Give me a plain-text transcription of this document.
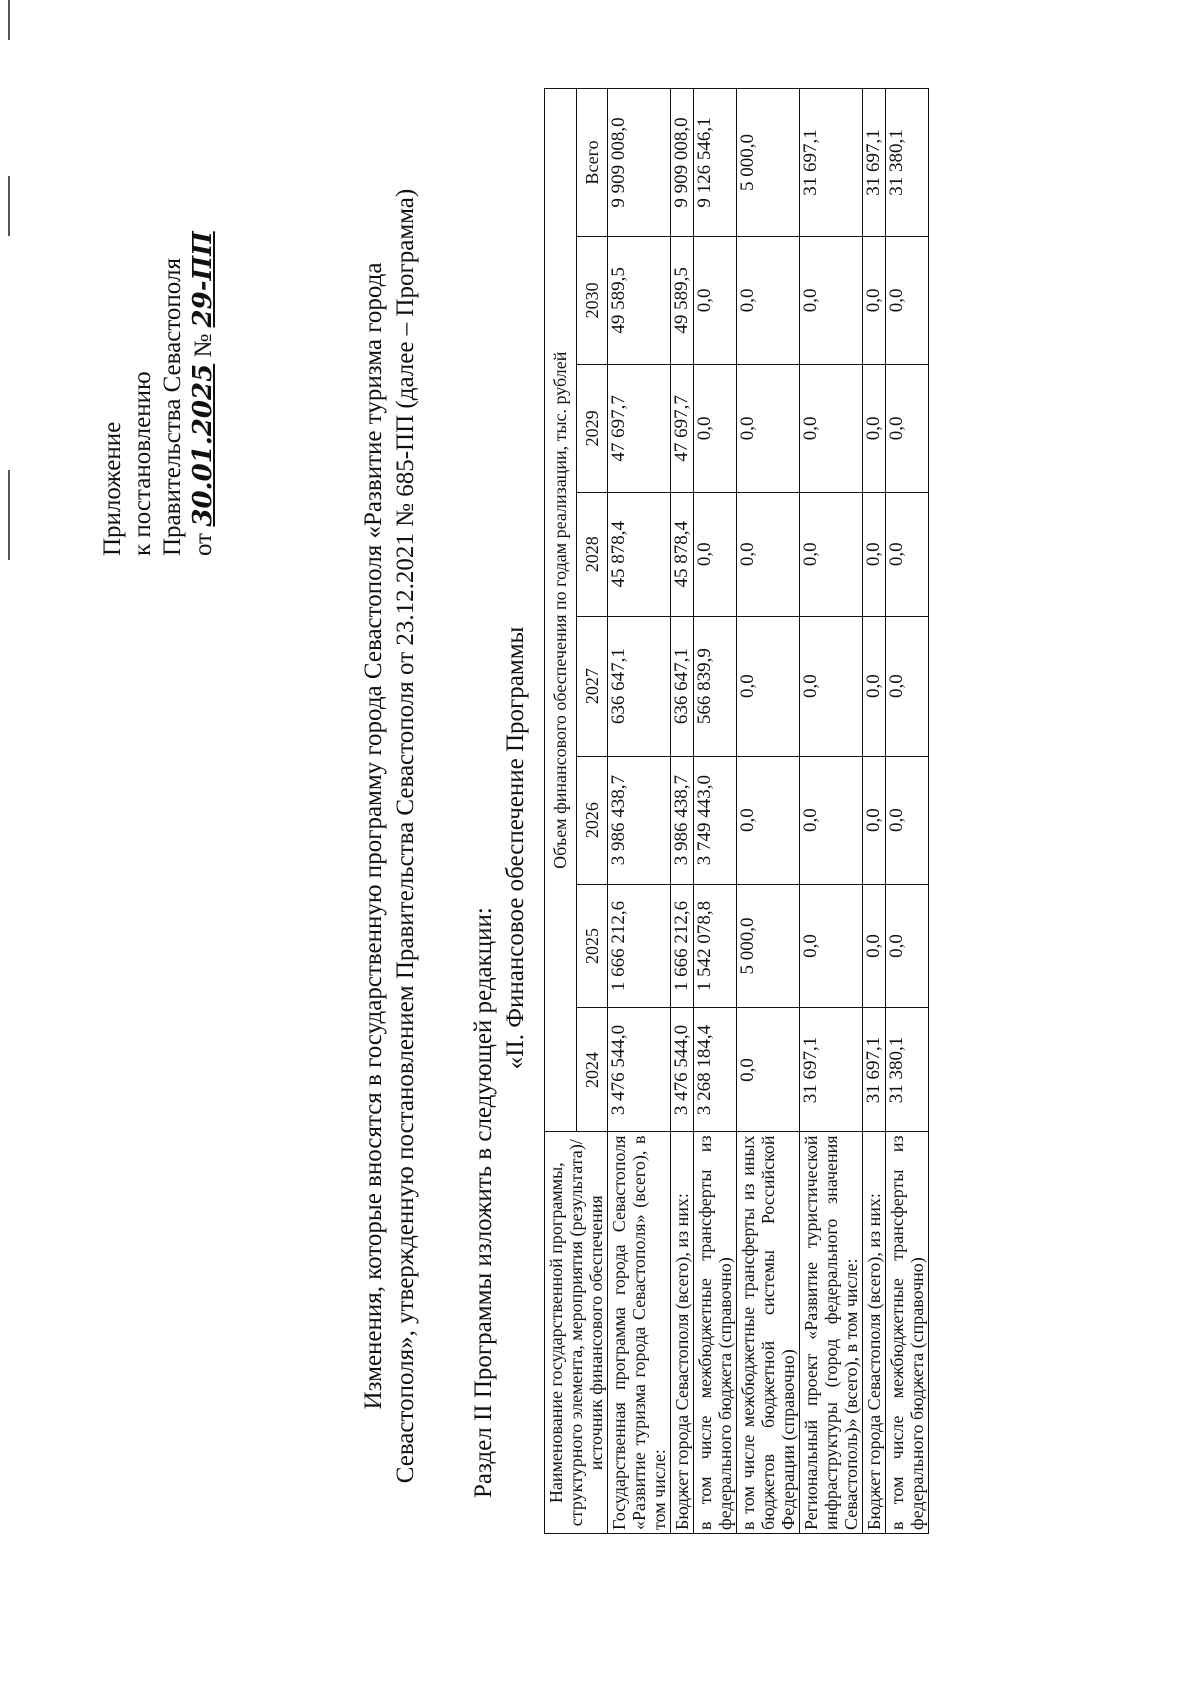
Приложение к постановлению Правительства Севастополя от 30.01.2025 № 29-ПП	Изменения, которые вносятся в государственную программу города Севастополя «Развитие туризма города Севастополя», утвержденную постановлением Правительства Севастополя от 23.12.2021 № 685-ПП (далее – Программа) Раздел II Программы изложить в следующей редакции:
«II. Финансовое обеспечение Программы
Наименование государственной программы, структурного элемента, мероприятия (результата)/источник финансового обеспечения	Объем финансового обеспечения по годам реализации, тыс. рублей							
	2024	2025	2026	2027	2028	2029	2030	Всего
Государственная программа города Севастополя «Развитие туризма города Севастополя» (всего), в том числе:	3 476 544,0	1 666 212,6	3 986 438,7	636 647,1	45 878,4	47 697,7	49 589,5	9 909 008,0
Бюджет города Севастополя (всего), из них:	3 476 544,0	1 666 212,6	3 986 438,7	636 647,1	45 878,4	47 697,7	49 589,5	9 909 008,0
в том числе межбюджетные трансферты из федерального бюджета (справочно)	3 268 184,4	1 542 078,8	3 749 443,0	566 839,9	0,0	0,0	0,0	9 126 546,1
в том числе межбюджетные трансферты из иных бюджетов бюджетной системы Российской Федерации (справочно)	0,0	5 000,0	0,0	0,0	0,0	0,0	0,0	5 000,0
Региональный проект «Развитие туристической инфраструктуры (город федерального значения Севастополь)» (всего), в том числе:	31 697,1	0,0	0,0	0,0	0,0	0,0	0,0	31 697,1
Бюджет города Севастополя (всего), из них:	31 697,1	0,0	0,0	0,0	0,0	0,0	0,0	31 697,1
в том числе межбюджетные трансферты из федерального бюджета (справочно)	31 380,1	0,0	0,0	0,0	0,0	0,0	0,0	31 380,1
